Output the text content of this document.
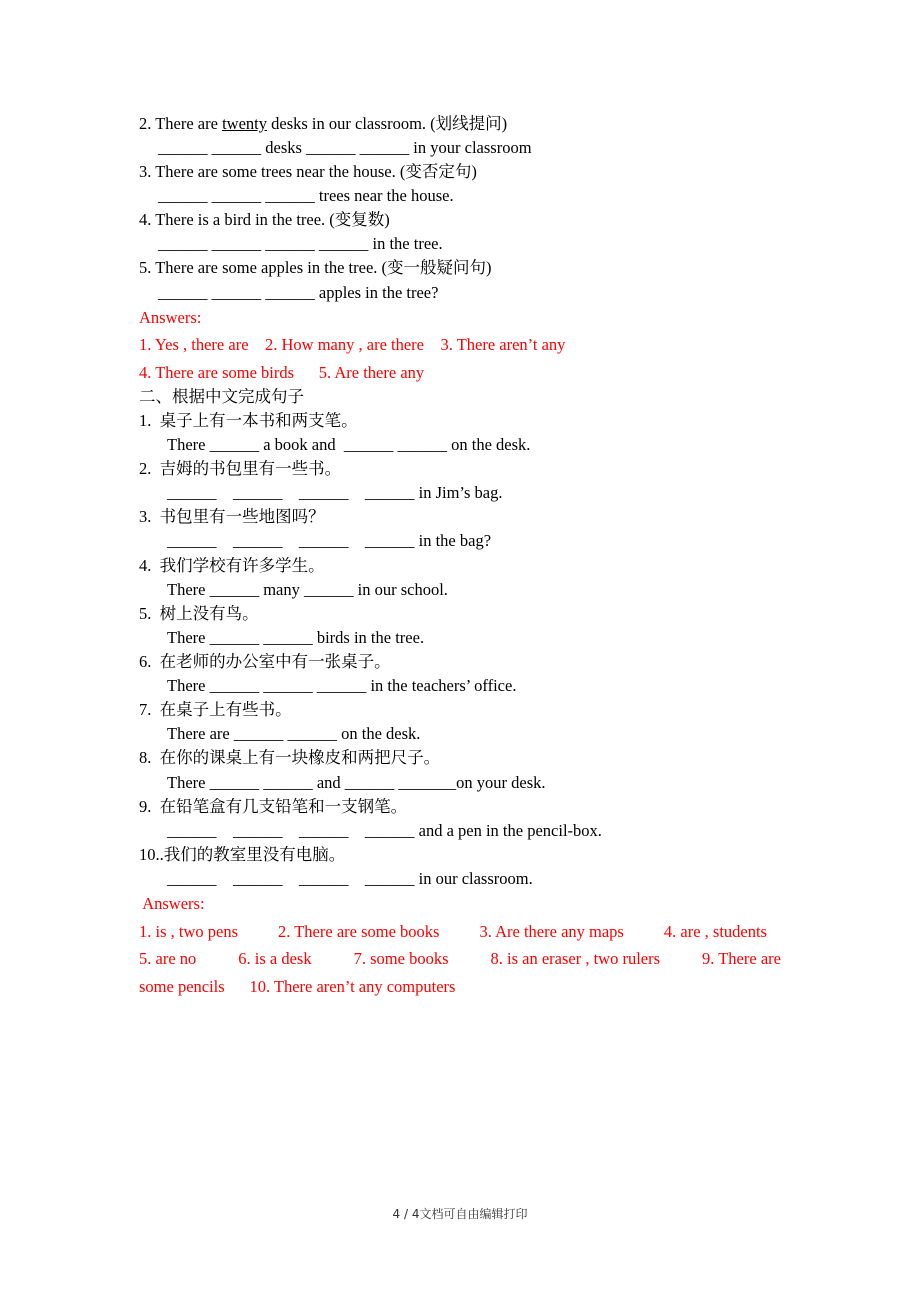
2. There are twenty desks in our classroom. (划线提问)
______ ______ desks ______ ______ in your classroom
3. There are some trees near the house. (变否定句)
______ ______ ______ trees near the house.
4. There is a bird in the tree. (变复数)
______ ______ ______ ______ in the tree.
5. There are some apples in the tree. (变一般疑问句)
______ ______ ______ apples in the tree?
Answers:
1. Yes , there are    2. How many , are there    3. There aren’t any
4. There are some birds      5. Are there any
二、根据中文完成句子
1.  桌子上有一本书和两支笔。
There ______ a book and  ______ ______ on the desk.
2.  吉姆的书包里有一些书。
______    ______    ______    ______ in Jim’s bag.
3.  书包里有一些地图吗？
______    ______    ______    ______ in the bag?
4.  我们学校有许多学生。
There ______ many ______ in our school.
5.  树上没有鸟。
There ______ ______ birds in the tree.
6.  在老师的办公室中有一张桌子。
There ______ ______ ______ in the teachers’ office.
7.  在桌子上有些书。
There are ______ ______ on the desk.
8.  在你的课桌上有一块橡皮和两把尺子。
There ______ ______ and ______ _______on your desk.
9.  在铅笔盒有几支铅笔和一支钢笔。
______    ______    ______    ______ and a pen in the pencil-box.
10..我们的教室里没有电脑。
______    ______    ______    ______ in our classroom.
Answers:
1. is , two pens 2. There are some books 3. Are there any maps 4. are , students
5. are no	6. is a desk	7. some books	8. is an eraser , two rulers	9. There are
some pencils      10. There aren’t any computers
4 / 4文档可自由编辑打印
